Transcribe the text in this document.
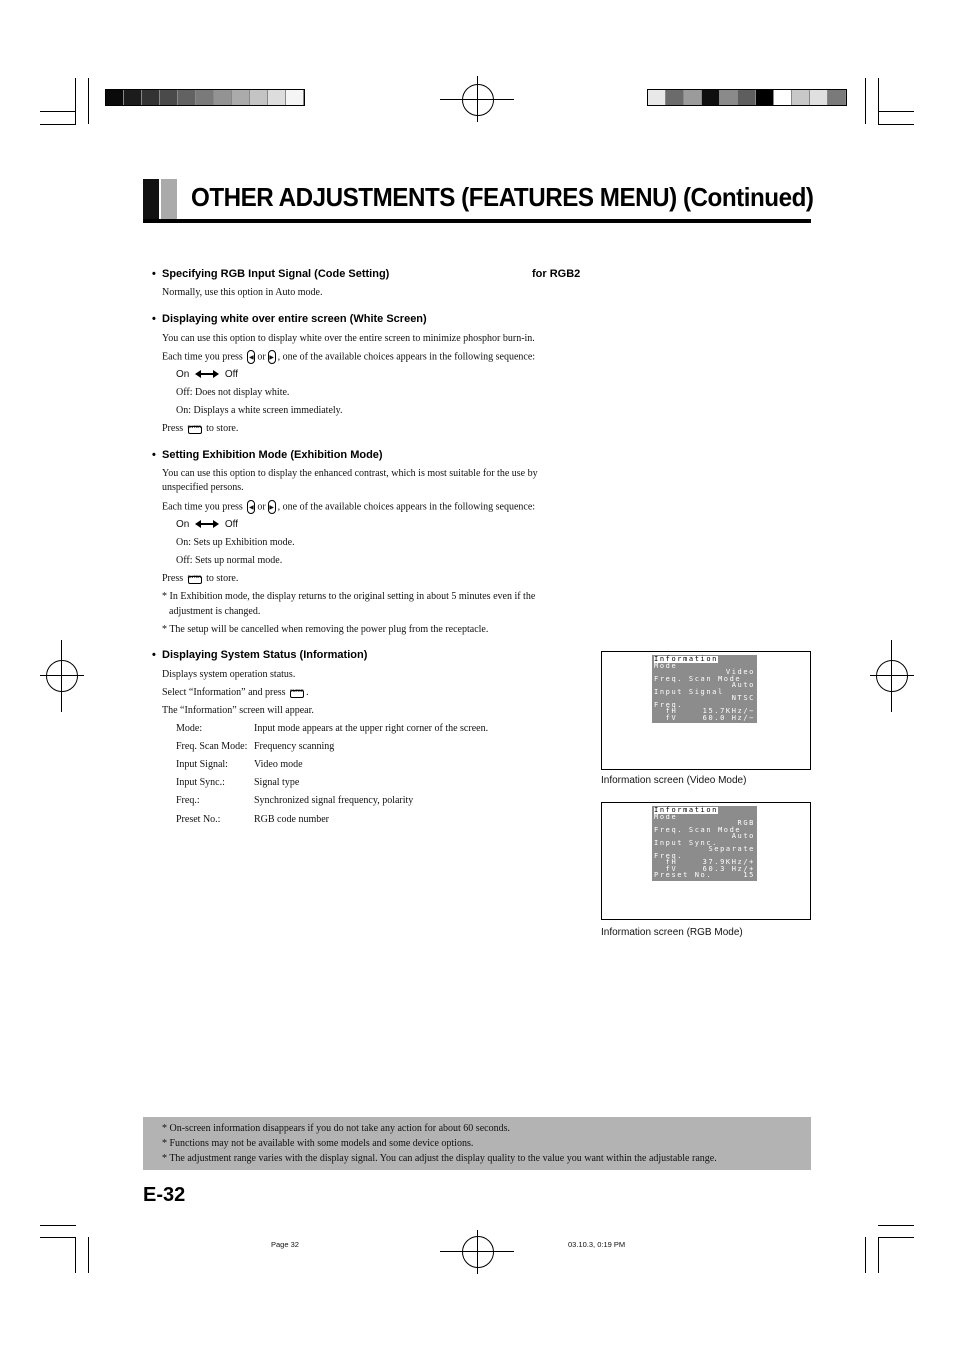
OTHER ADJUSTMENTS (FEATURES MENU) (Continued)
• Specifying RGB Input Signal (Code Setting)	for RGB2
Normally, use this option in Auto mode.
• Displaying white over entire screen (White Screen)
You can use this option to display white over the entire screen to minimize phosphor burn-in.
Each time you press ◀ or ▶ , one of the available choices appears in the following sequence:
On	Off
Off: Does not display white.
On: Displays a white screen immediately.
Press ENTER to store.
• Setting Exhibition Mode (Exhibition Mode)
You can use this option to display the enhanced contrast, which is most suitable for the use by
unspecified persons.
Each time you press ◀ or ▶ , one of the available choices appears in the following sequence:
On	Off
On: Sets up Exhibition mode.
Off: Sets up normal mode.
Press ENTER to store.
* In Exhibition mode, the display returns to the original setting in about 5 minutes even if the
adjustment is changed.
* The setup will be cancelled when removing the power plug from the receptacle.
• Displaying System Status (Information)
Displays system operation status.
Select “Information” and press ENTER .
The “Information” screen will appear.
Mode:	Input mode appears at the upper right corner of the screen.
Freq. Scan Mode: Frequency scanning
Input Signal:	Video mode
Input Sync.:	Signal type
Freq.:	Synchronized signal frequency, polarity
Preset No.:	RGB code number
Information
Mode
Video
Freq. Scan Mode
Auto
Input Signal
NTSC
Freq.
fH	15.7KHz/−
fV	60.0 Hz/−
Information screen (Video Mode)
Information
Mode
RGB
Freq. Scan Mode
Auto
Input Sync.
Separate
Freq.
fH	37.9KHz/+
fV	60.3 Hz/+
Preset No.	15
Information screen (RGB Mode)
* On-screen information disappears if you do not take any action for about 60 seconds.
* Functions may not be available with some models and some device options.
* The adjustment range varies with the display signal. You can adjust the display quality to the value you want within the adjustable range.
E-32
Page 32	03.10.3, 0:19 PM
